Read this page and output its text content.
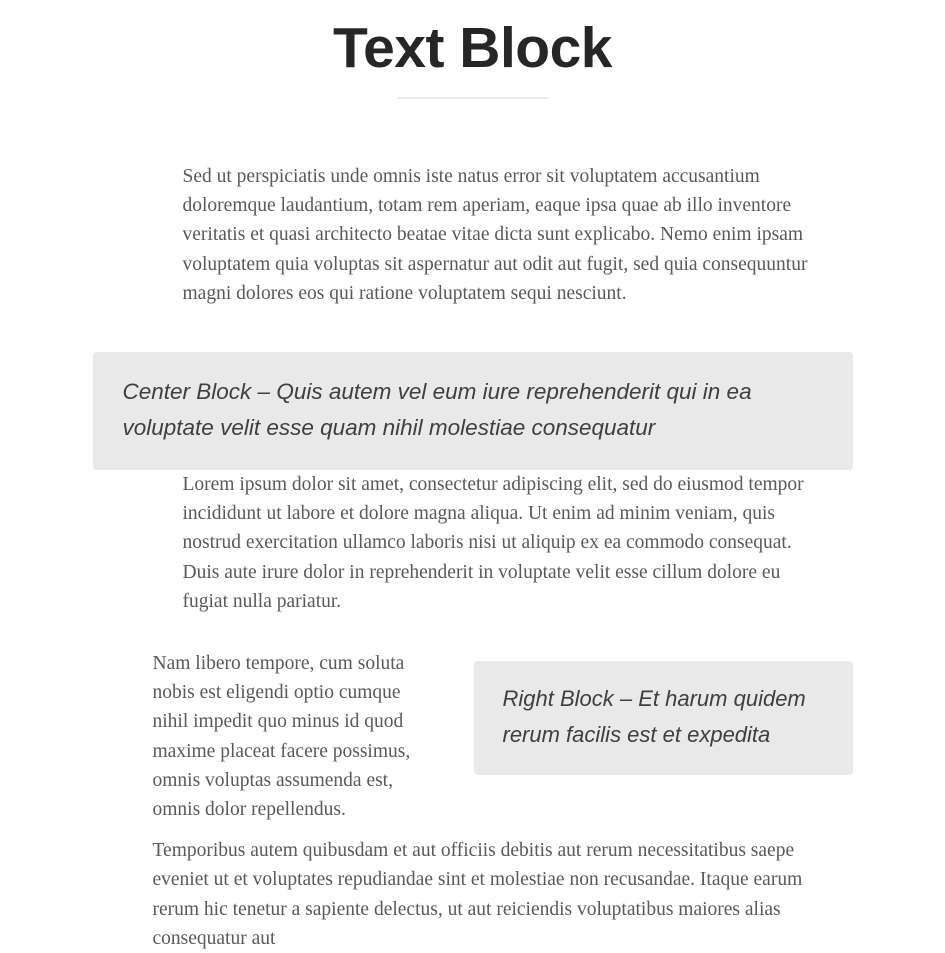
Text Block

Sed ut perspiciatis unde omnis iste natus error sit voluptatem accusantium doloremque laudantium, totam rem aperiam, eaque ipsa quae ab illo inventore veritatis et quasi architecto beatae vitae dicta sunt explicabo. Nemo enim ipsam voluptatem quia voluptas sit aspernatur aut odit aut fugit, sed quia consequuntur magni dolores eos qui ratione voluptatem sequi nesciunt.

Center Block – Quis autem vel eum iure reprehenderit qui in ea voluptate velit esse quam nihil molestiae consequatur

Lorem ipsum dolor sit amet, consectetur adipiscing elit, sed do eiusmod tempor incididunt ut labore et dolore magna aliqua. Ut enim ad minim veniam, quis nostrud exercitation ullamco laboris nisi ut aliquip ex ea commodo consequat. Duis aute irure dolor in reprehenderit in voluptate velit esse cillum dolore eu fugiat nulla pariatur.

Right Block – Et harum quidem rerum facilis est et expedita

Nam libero tempore, cum soluta nobis est eligendi optio cumque nihil impedit quo minus id quod maxime placeat facere possimus, omnis voluptas assumenda est, omnis dolor repellendus.

Temporibus autem quibusdam et aut officiis debitis aut rerum necessitatibus saepe eveniet ut et voluptates repudiandae sint et molestiae non recusandae. Itaque earum rerum hic tenetur a sapiente delectus, ut aut reiciendis voluptatibus maiores alias consequatur aut
